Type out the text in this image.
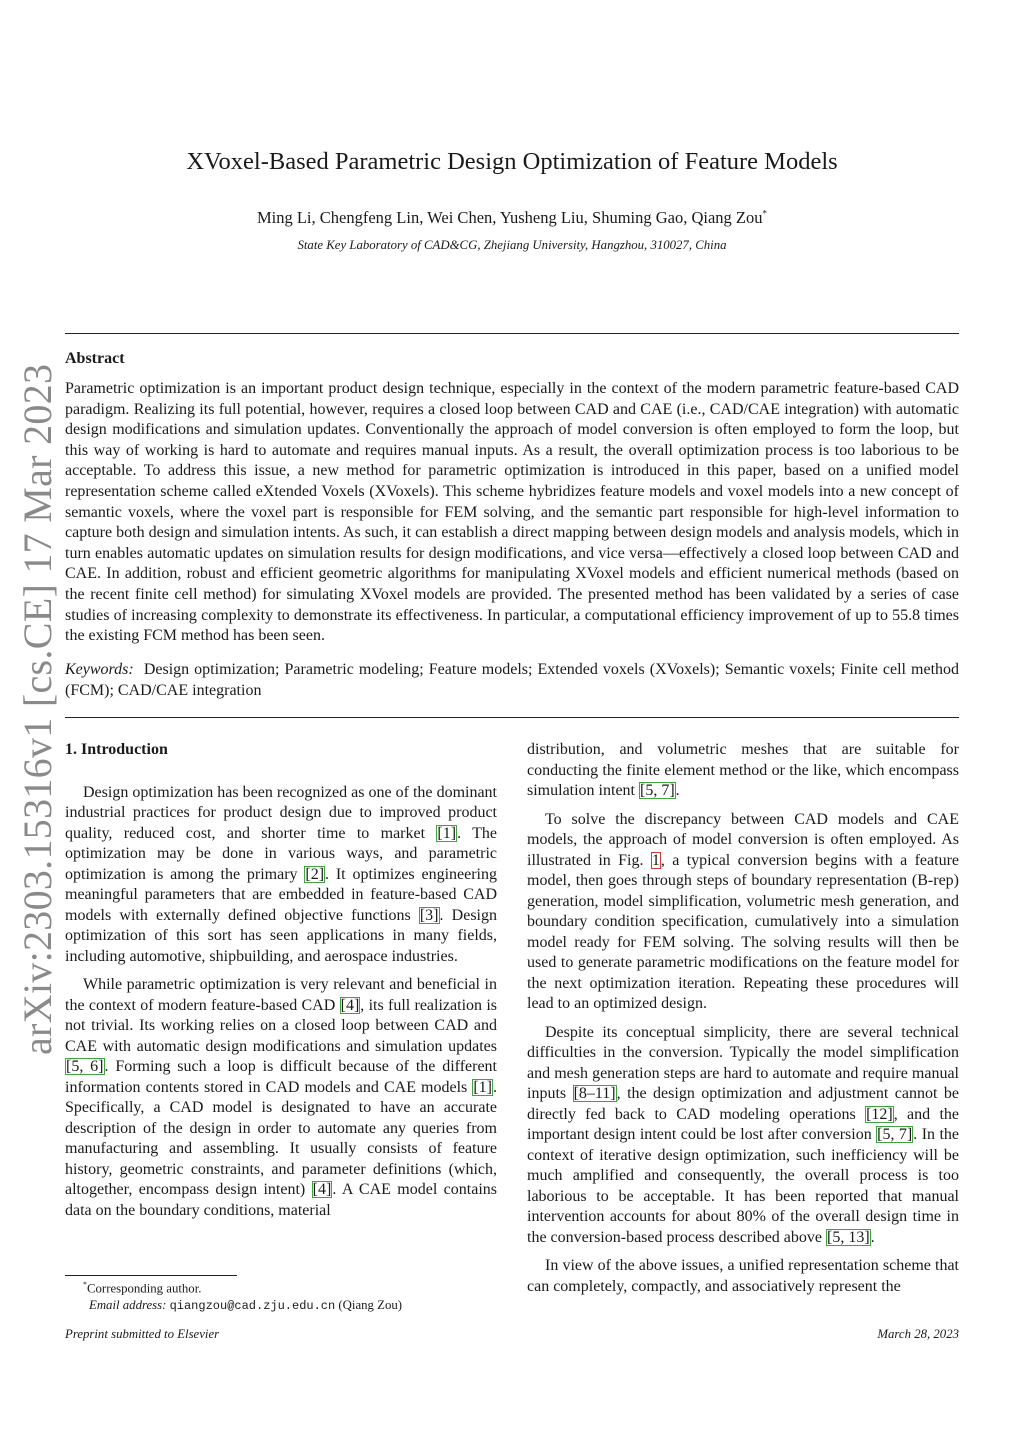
arXiv:2303.15316v1 [cs.CE] 17 Mar 2023
XVoxel-Based Parametric Design Optimization of Feature Models
Ming Li, Chengfeng Lin, Wei Chen, Yusheng Liu, Shuming Gao, Qiang Zou*
State Key Laboratory of CAD&CG, Zhejiang University, Hangzhou, 310027, China
Abstract
Parametric optimization is an important product design technique, especially in the context of the modern parametric feature-based CAD paradigm. Realizing its full potential, however, requires a closed loop between CAD and CAE (i.e., CAD/CAE integration) with automatic design modifications and simulation updates. Conventionally the approach of model conversion is often employed to form the loop, but this way of working is hard to automate and requires manual inputs. As a result, the overall optimization process is too laborious to be acceptable. To address this issue, a new method for parametric optimization is introduced in this paper, based on a unified model representation scheme called eXtended Voxels (XVoxels). This scheme hybridizes feature models and voxel models into a new concept of semantic voxels, where the voxel part is responsible for FEM solving, and the semantic part responsible for high-level information to capture both design and simulation intents. As such, it can establish a direct mapping between design models and analysis models, which in turn enables automatic updates on simulation results for design modifications, and vice versa—effectively a closed loop between CAD and CAE. In addition, robust and efficient geometric algorithms for manipulating XVoxel models and efficient numerical methods (based on the recent finite cell method) for simulating XVoxel models are provided. The presented method has been validated by a series of case studies of increasing complexity to demonstrate its effectiveness. In particular, a computational efficiency improvement of up to 55.8 times the existing FCM method has been seen.
Keywords: Design optimization; Parametric modeling; Feature models; Extended voxels (XVoxels); Semantic voxels; Finite cell method (FCM); CAD/CAE integration
1. Introduction

Design optimization has been recognized as one of the dominant industrial practices for product design due to improved product quality, reduced cost, and shorter time to market [1]. The optimization may be done in various ways, and parametric optimization is among the primary [2]. It optimizes engineering meaningful parameters that are embedded in feature-based CAD models with externally defined objective functions [3]. Design optimization of this sort has seen applications in many fields, including automotive, shipbuilding, and aerospace industries.

While parametric optimization is very relevant and beneficial in the context of modern feature-based CAD [4], its full realization is not trivial. Its working relies on a closed loop between CAD and CAE with automatic design modifications and simulation updates [5, 6]. Forming such a loop is difficult because of the different information contents stored in CAD models and CAE models [1]. Specifically, a CAD model is designated to have an accurate description of the design in order to automate any queries from manufacturing and assembling. It usually consists of feature history, geometric constraints, and parameter definitions (which, altogether, encompass design intent) [4]. A CAE model contains data on the boundary conditions, material

distribution, and volumetric meshes that are suitable for conducting the finite element method or the like, which encompass simulation intent [5, 7].

To solve the discrepancy between CAD models and CAE models, the approach of model conversion is often employed. As illustrated in Fig. 1, a typical conversion begins with a feature model, then goes through steps of boundary representation (B-rep) generation, model simplification, volumetric mesh generation, and boundary condition specification, cumulatively into a simulation model ready for FEM solving. The solving results will then be used to generate parametric modifications on the feature model for the next optimization iteration. Repeating these procedures will lead to an optimized design.

Despite its conceptual simplicity, there are several technical difficulties in the conversion. Typically the model simplification and mesh generation steps are hard to automate and require manual inputs [8–11], the design optimization and adjustment cannot be directly fed back to CAD modeling operations [12], and the important design intent could be lost after conversion [5, 7]. In the context of iterative design optimization, such inefficiency will be much amplified and consequently, the overall process is too laborious to be acceptable. It has been reported that manual intervention accounts for about 80% of the overall design time in the conversion-based process described above [5, 13].

In view of the above issues, a unified representation scheme that can completely, compactly, and associatively represent the

*Corresponding author.
Email address: qiangzou@cad.zju.edu.cn (Qiang Zou)
Preprint submitted to Elsevier	March 28, 2023
